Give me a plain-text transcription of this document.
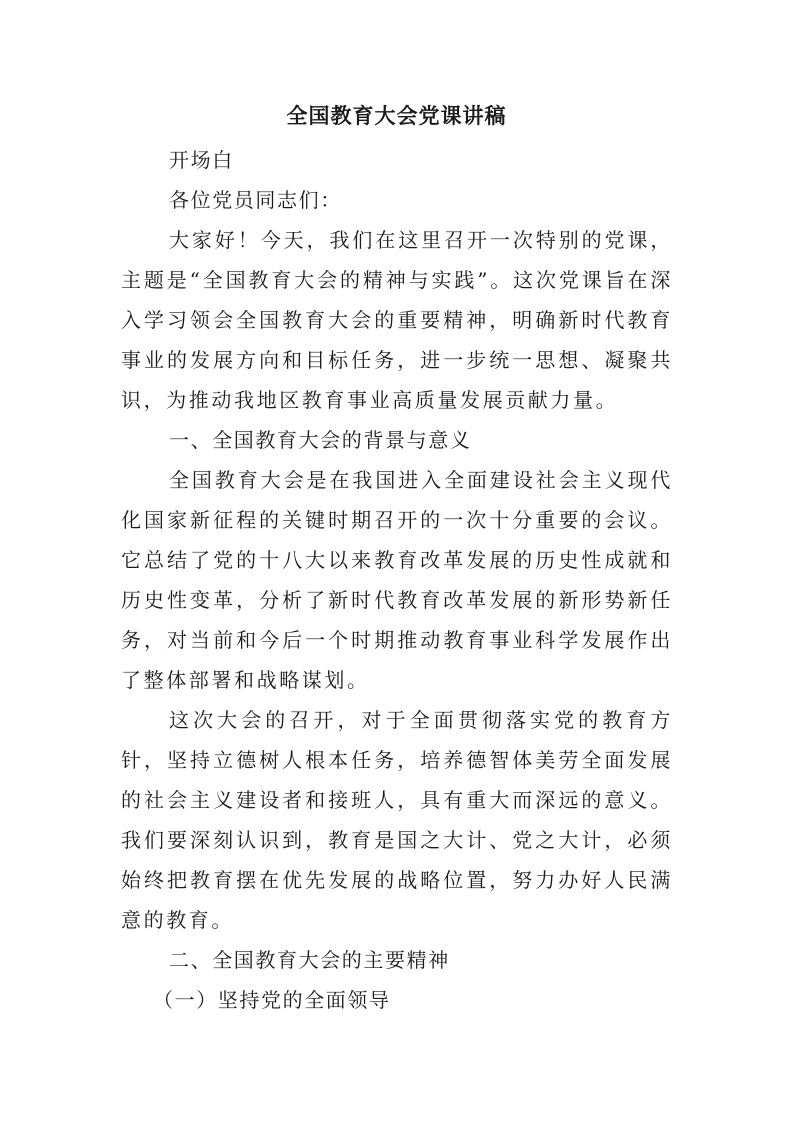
全国教育大会党课讲稿

开场白

各位党员同志们：

大家好！今天，我们在这里召开一次特别的党课，主题是“全国教育大会的精神与实践”。这次党课旨在深入学习领会全国教育大会的重要精神，明确新时代教育事业的发展方向和目标任务，进一步统一思想、凝聚共识，为推动我地区教育事业高质量发展贡献力量。

一、全国教育大会的背景与意义

全国教育大会是在我国进入全面建设社会主义现代化国家新征程的关键时期召开的一次十分重要的会议。它总结了党的十八大以来教育改革发展的历史性成就和历史性变革，分析了新时代教育改革发展的新形势新任务，对当前和今后一个时期推动教育事业科学发展作出了整体部署和战略谋划。

这次大会的召开，对于全面贯彻落实党的教育方针，坚持立德树人根本任务，培养德智体美劳全面发展的社会主义建设者和接班人，具有重大而深远的意义。我们要深刻认识到，教育是国之大计、党之大计，必须始终把教育摆在优先发展的战略位置，努力办好人民满意的教育。

二、全国教育大会的主要精神

（一）坚持党的全面领导
